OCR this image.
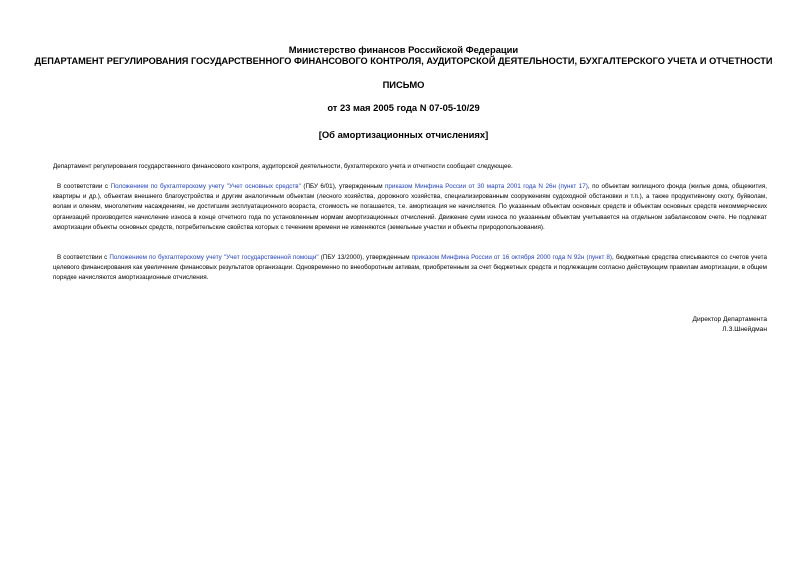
Министерство финансов Российской Федерации
ДЕПАРТАМЕНТ РЕГУЛИРОВАНИЯ ГОСУДАРСТВЕННОГО ФИНАНСОВОГО КОНТРОЛЯ, АУДИТОРСКОЙ ДЕЯТЕЛЬНОСТИ, БУХГАЛТЕРСКОГО УЧЕТА И ОТЧЕТНОСТИ
ПИСЬМО
от 23 мая 2005 года N 07-05-10/29
[Об амортизационных отчислениях]

Департамент регулирования государственного финансового контроля, аудиторской деятельности, бухгалтерского учета и отчетности сообщает следующее.

В соответствии с Положением по бухгалтерскому учету "Учет основных средств" (ПБУ 6/01), утвержденным приказом Минфина России от 30 марта 2001 года N 26н (пункт 17), по объектам жилищного фонда (жилые дома, общежития, квартиры и др.), объектам внешнего благоустройства и другим аналогичным объектам (лесного хозяйства, дорожного хозяйства, специализированным сооружениям судоходной обстановки и т.п.), а также продуктивному скоту, буйволам, волам и оленям, многолетним насаждениям, не достигшим эксплуатационного возраста, стоимость не погашается, т.е. амортизация не начисляется. По указанным объектам основных средств и объектам основных средств некоммерческих организаций производится начисление износа в конце отчетного года по установленным нормам амортизационных отчислений. Движение сумм износа по указанным объектам учитывается на отдельном забалансовом счете. Не подлежат амортизации объекты основных средств, потребительские свойства которых с течением времени не изменяются (земельные участки и объекты природопользования).

В соответствии с Положением по бухгалтерскому учету "Учет государственной помощи" (ПБУ 13/2000), утвержденным приказом Минфина России от 16 октября 2000 года N 92н (пункт 8), бюджетные средства списываются со счетов учета целевого финансирования как увеличение финансовых результатов организации. Одновременно по внеоборотным активам, приобретенным за счет бюджетных средств и подлежащим согласно действующим правилам амортизации, в общем порядке начисляются амортизационные отчисления.

Директор Департамента
Л.З.Шнейдман
